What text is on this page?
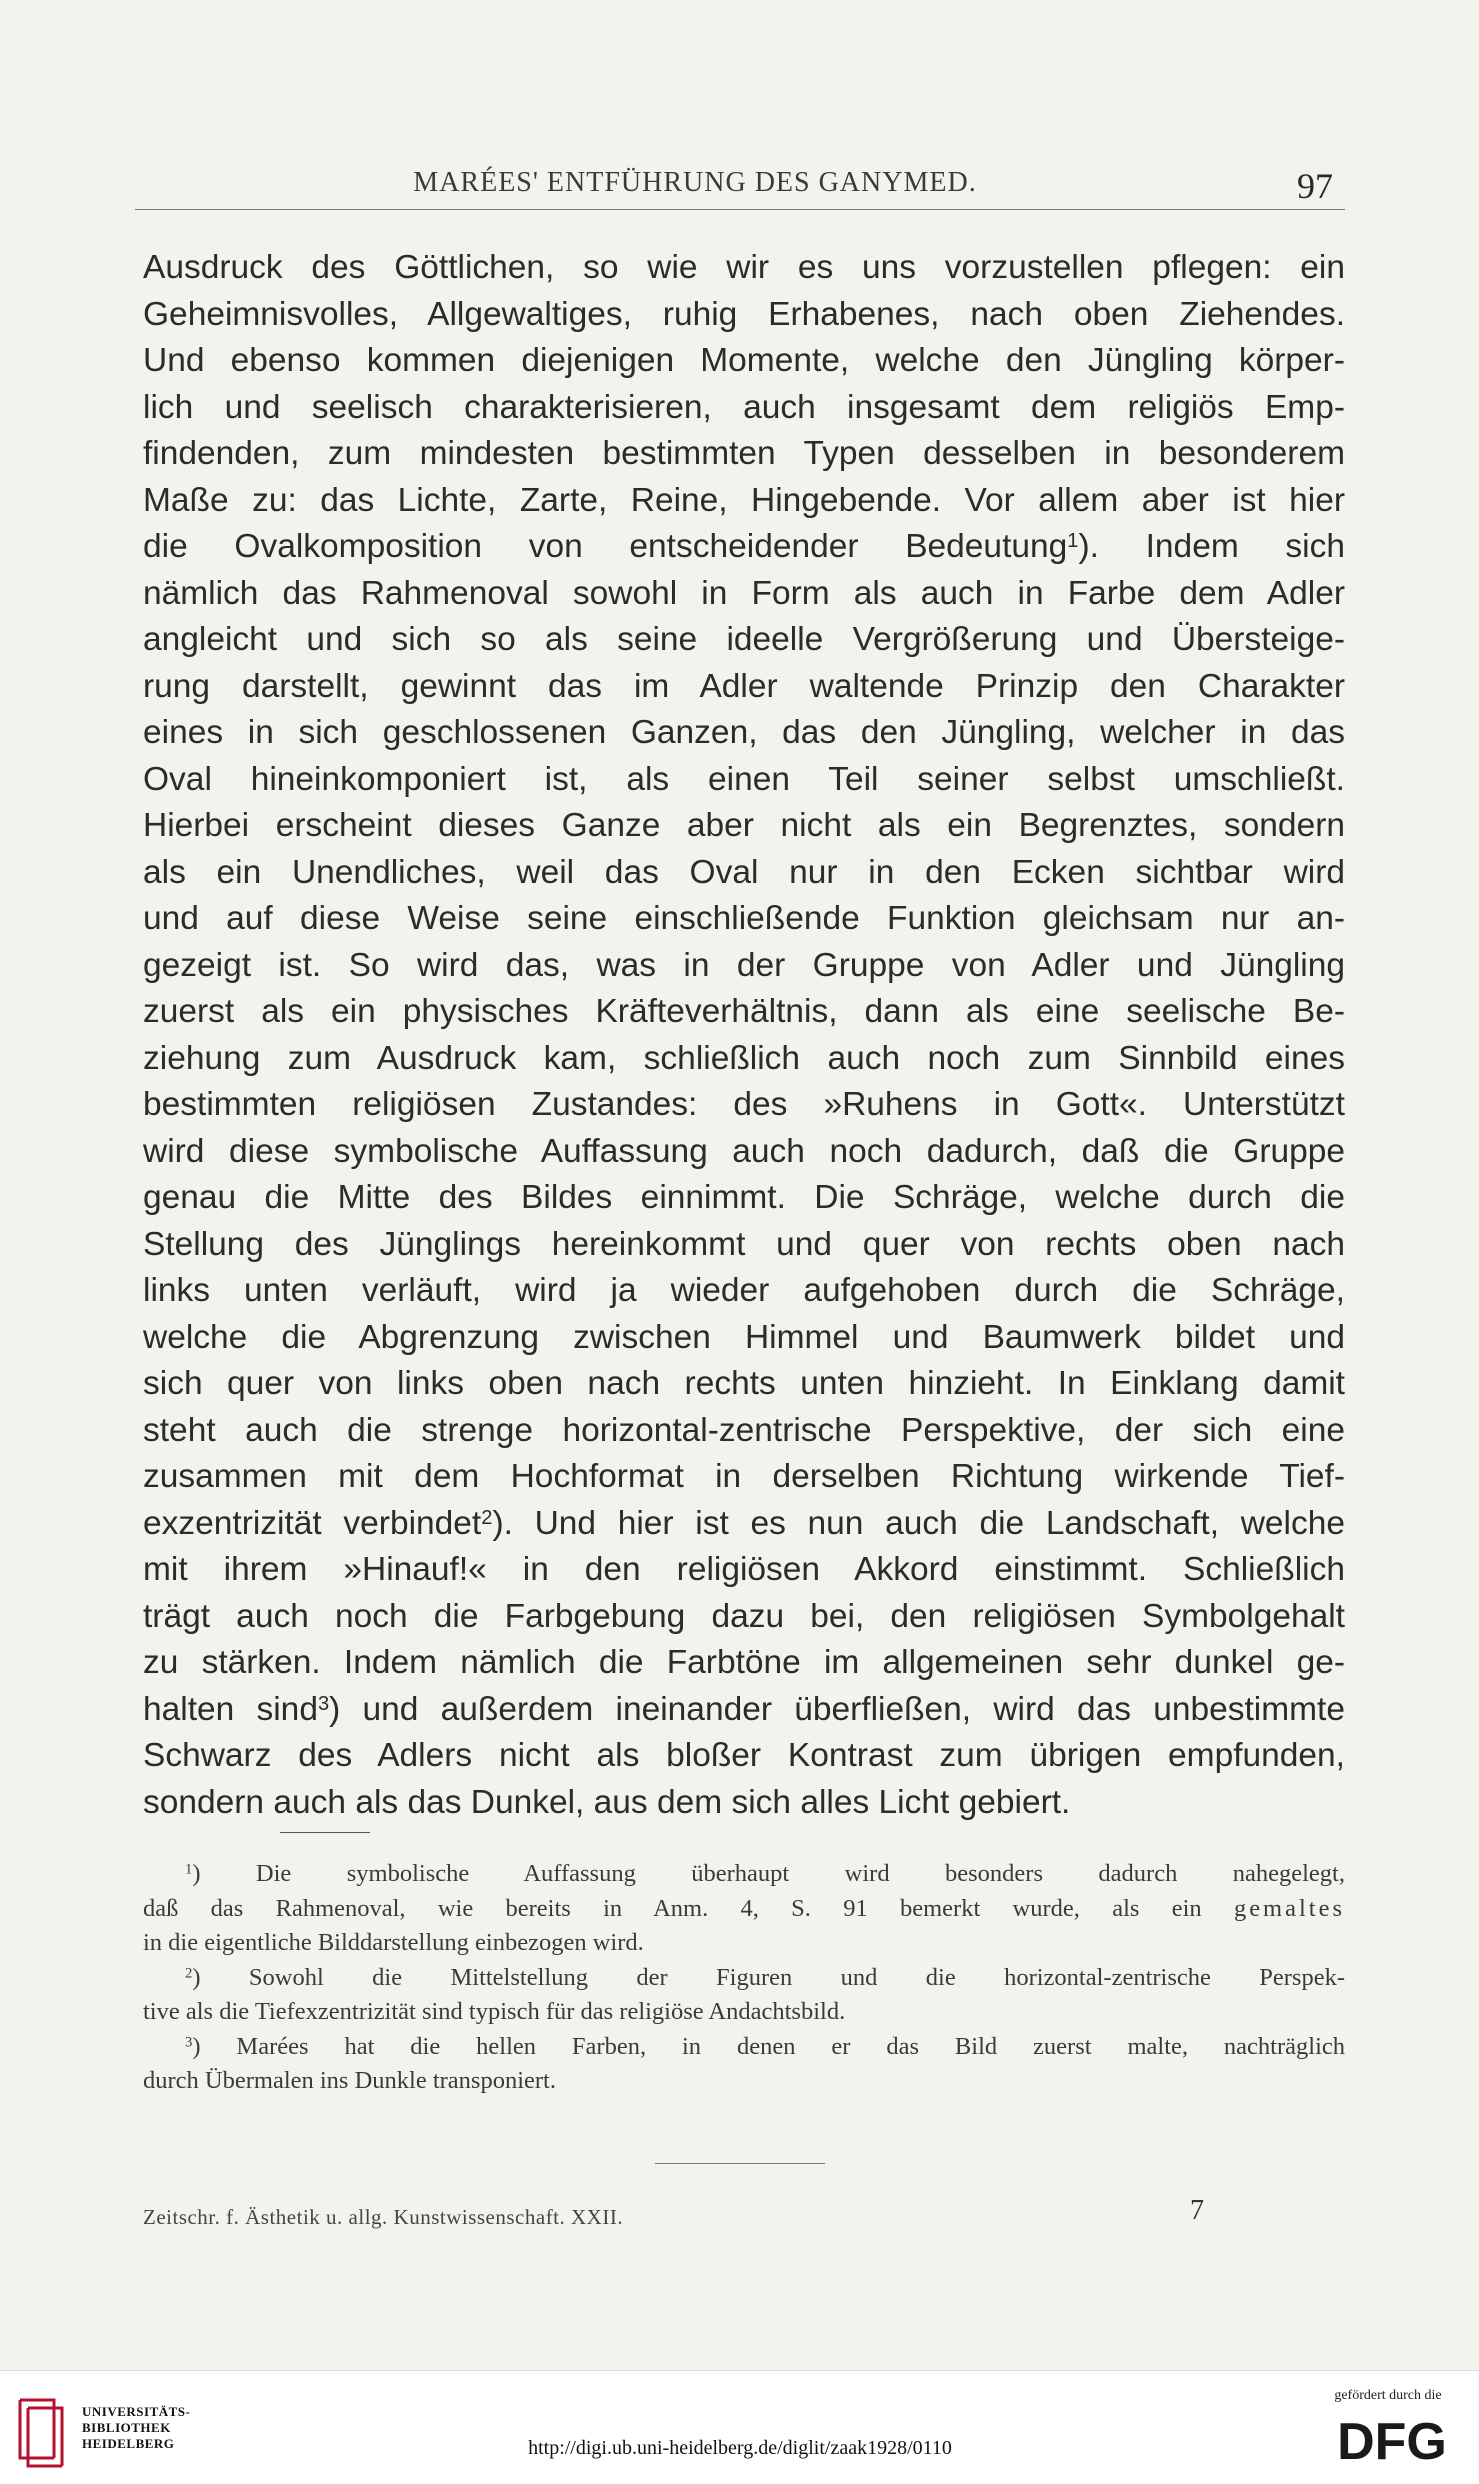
MARÉES' ENTFÜHRUNG DES GANYMED.	97
Ausdruck des Göttlichen, so wie wir es uns vorzustellen pflegen: ein
Geheimnisvolles, Allgewaltiges, ruhig Erhabenes, nach oben Ziehendes.
Und ebenso kommen diejenigen Momente, welche den Jüngling körper-
lich und seelisch charakterisieren, auch insgesamt dem religiös Emp-
findenden, zum mindesten bestimmten Typen desselben in besonderem
Maße zu: das Lichte, Zarte, Reine, Hingebende. Vor allem aber ist hier
die Ovalkomposition von entscheidender Bedeutung$^1$). Indem sich
nämlich das Rahmenoval sowohl in Form als auch in Farbe dem Adler
angleicht und sich so als seine ideelle Vergrößerung und Übersteige-
rung darstellt, gewinnt das im Adler waltende Prinzip den Charakter
eines in sich geschlossenen Ganzen, das den Jüngling, welcher in das
Oval hineinkomponiert ist, als einen Teil seiner selbst umschließt.
Hierbei erscheint dieses Ganze aber nicht als ein Begrenztes, sondern
als ein Unendliches, weil das Oval nur in den Ecken sichtbar wird
und auf diese Weise seine einschließende Funktion gleichsam nur an-
gezeigt ist. So wird das, was in der Gruppe von Adler und Jüngling
zuerst als ein physisches Kräfteverhältnis, dann als eine seelische Be-
ziehung zum Ausdruck kam, schließlich auch noch zum Sinnbild eines
bestimmten religiösen Zustandes: des »Ruhens in Gott«. Unterstützt
wird diese symbolische Auffassung auch noch dadurch, daß die Gruppe
genau die Mitte des Bildes einnimmt. Die Schräge, welche durch die
Stellung des Jünglings hereinkommt und quer von rechts oben nach
links unten verläuft, wird ja wieder aufgehoben durch die Schräge,
welche die Abgrenzung zwischen Himmel und Baumwerk bildet und
sich quer von links oben nach rechts unten hinzieht. In Einklang damit
steht auch die strenge horizontal-zentrische Perspektive, der sich eine
zusammen mit dem Hochformat in derselben Richtung wirkende Tief-
exzentrizität verbindet$^2$). Und hier ist es nun auch die Landschaft, welche
mit ihrem »Hinauf!« in den religiösen Akkord einstimmt. Schließlich
trägt auch noch die Farbgebung dazu bei, den religiösen Symbolgehalt
zu stärken. Indem nämlich die Farbtöne im allgemeinen sehr dunkel ge-
halten sind$^3$) und außerdem ineinander überfließen, wird das unbestimmte
Schwarz des Adlers nicht als bloßer Kontrast zum übrigen empfunden,
sondern auch als das Dunkel, aus dem sich alles Licht gebiert.
$^1$) Die symbolische Auffassung überhaupt wird besonders dadurch nahegelegt,
daß das Rahmenoval, wie bereits in Anm. 4, S. 91 bemerkt wurde, als ein gemaltes
in die eigentliche Bilddarstellung einbezogen wird.
$^2$) Sowohl die Mittelstellung der Figuren und die horizontal-zentrische Perspek-
tive als die Tiefexzentrizität sind typisch für das religiöse Andachtsbild.
$^3$) Marées hat die hellen Farben, in denen er das Bild zuerst malte, nachträglich
durch Übermalen ins Dunkle transponiert.
Zeitschr. f. Ästhetik u. allg. Kunstwissenschaft. XXII.	7
UNIVERSITÄTS-
BIBLIOTHEK
HEIDELBERG	http://digi.ub.uni-heidelberg.de/diglit/zaak1928/0110
gefördert durch die
DFG
